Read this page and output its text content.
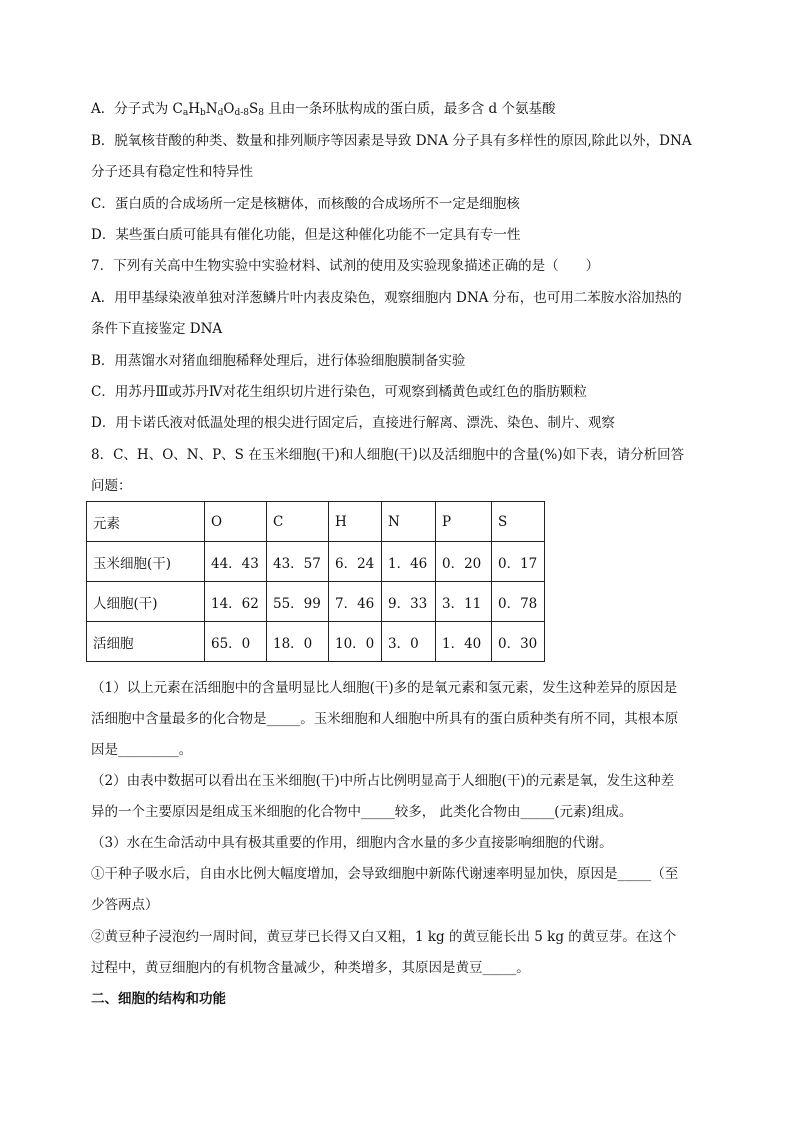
A．分子式为 $C_aH_bN_dO_{d-8}S_8$ 且由一条环肽构成的蛋白质，最多含 d 个氨基酸
B．脱氧核苷酸的种类、数量和排列顺序等因素是导致 DNA 分子具有多样性的原因,除此以外，DNA
分子还具有稳定性和特异性
C．蛋白质的合成场所一定是核糖体，而核酸的合成场所不一定是细胞核
D．某些蛋白质可能具有催化功能，但是这种催化功能不一定具有专一性
7．下列有关高中生物实验中实验材料、试剂的使用及实验现象描述正确的是（　　）
A．用甲基绿染液单独对洋葱鳞片叶内表皮染色，观察细胞内 DNA 分布，也可用二苯胺水浴加热的
条件下直接鉴定 DNA
B．用蒸馏水对猪血细胞稀释处理后，进行体验细胞膜制备实验
C．用苏丹Ⅲ或苏丹Ⅳ对花生组织切片进行染色，可观察到橘黄色或红色的脂肪颗粒
D．用卡诺氏液对低温处理的根尖进行固定后，直接进行解离、漂洗、染色、制片、观察
8．C、H、O、N、P、S 在玉米细胞(干)和人细胞(干)以及活细胞中的含量(%)如下表，请分析回答
问题：
元素	O	C	H	N	P	S
玉米细胞(干)	44．43	43．57	6．24	1．46	0．20	0．17
人细胞(干)	14．62	55．99	7．46	9．33	3．11	0．78
活细胞	65．0	18．0	10．0	3．0	1．40	0．30
（1）以上元素在活细胞中的含量明显比人细胞(干)多的是氧元素和氢元素，发生这种差异的原因是
活细胞中含量最多的化合物是_____。玉米细胞和人细胞中所具有的蛋白质种类有所不同，其根本原
因是_________。
（2）由表中数据可以看出在玉米细胞(干)中所占比例明显高于人细胞(干)的元素是氧，发生这种差
异的一个主要原因是组成玉米细胞的化合物中_____较多， 此类化合物由_____(元素)组成。
（3）水在生命活动中具有极其重要的作用，细胞内含水量的多少直接影响细胞的代谢。
①干种子吸水后，自由水比例大幅度增加，会导致细胞中新陈代谢速率明显加快，原因是_____（至
少答两点）
②黄豆种子浸泡约一周时间，黄豆芽已长得又白又粗，1 kg 的黄豆能长出 5 kg 的黄豆芽。在这个
过程中，黄豆细胞内的有机物含量减少，种类增多，其原因是黄豆_____。
二、细胞的结构和功能
